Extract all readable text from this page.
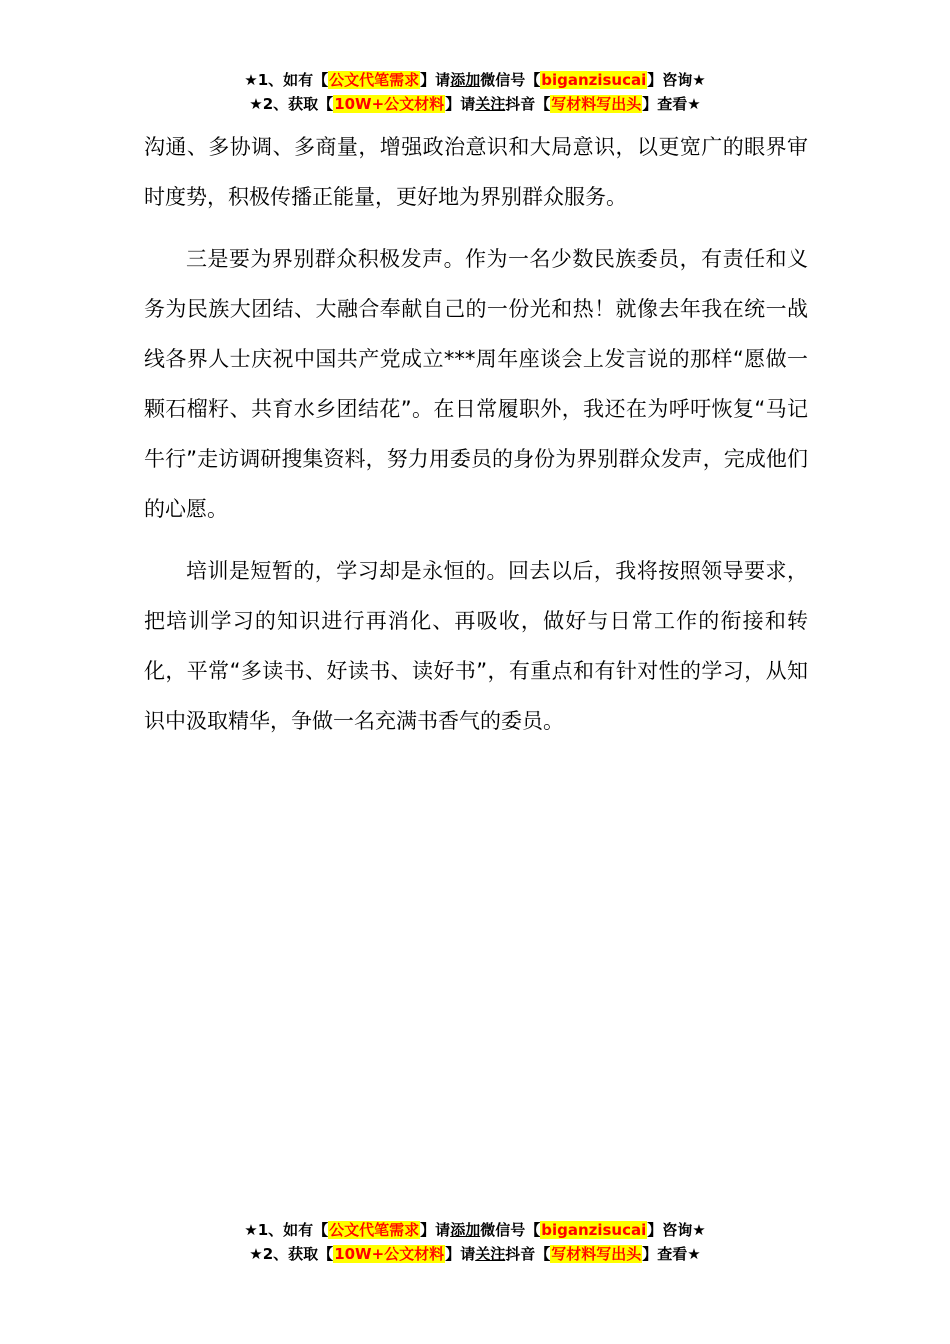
★1、如有【公文代笔需求】请添加微信号【biganzisucai】咨询★
★2、获取【10W+公文材料】请关注抖音【写材料写出头】查看★

沟通、多协调、多商量，增强政治意识和大局意识，以更宽广的眼界审时度势，积极传播正能量，更好地为界别群众服务。

三是要为界别群众积极发声。作为一名少数民族委员，有责任和义务为民族大团结、大融合奉献自己的一份光和热！就像去年我在统一战线各界人士庆祝中国共产党成立***周年座谈会上发言说的那样“愿做一颗石榴籽、共育水乡团结花”。在日常履职外，我还在为呼吁恢复“马记牛行”走访调研搜集资料，努力用委员的身份为界别群众发声，完成他们的心愿。

培训是短暂的，学习却是永恒的。回去以后，我将按照领导要求，把培训学习的知识进行再消化、再吸收，做好与日常工作的衔接和转化，平常“多读书、好读书、读好书”，有重点和有针对性的学习，从知识中汲取精华，争做一名充满书香气的委员。

★1、如有【公文代笔需求】请添加微信号【biganzisucai】咨询★
★2、获取【10W+公文材料】请关注抖音【写材料写出头】查看★
